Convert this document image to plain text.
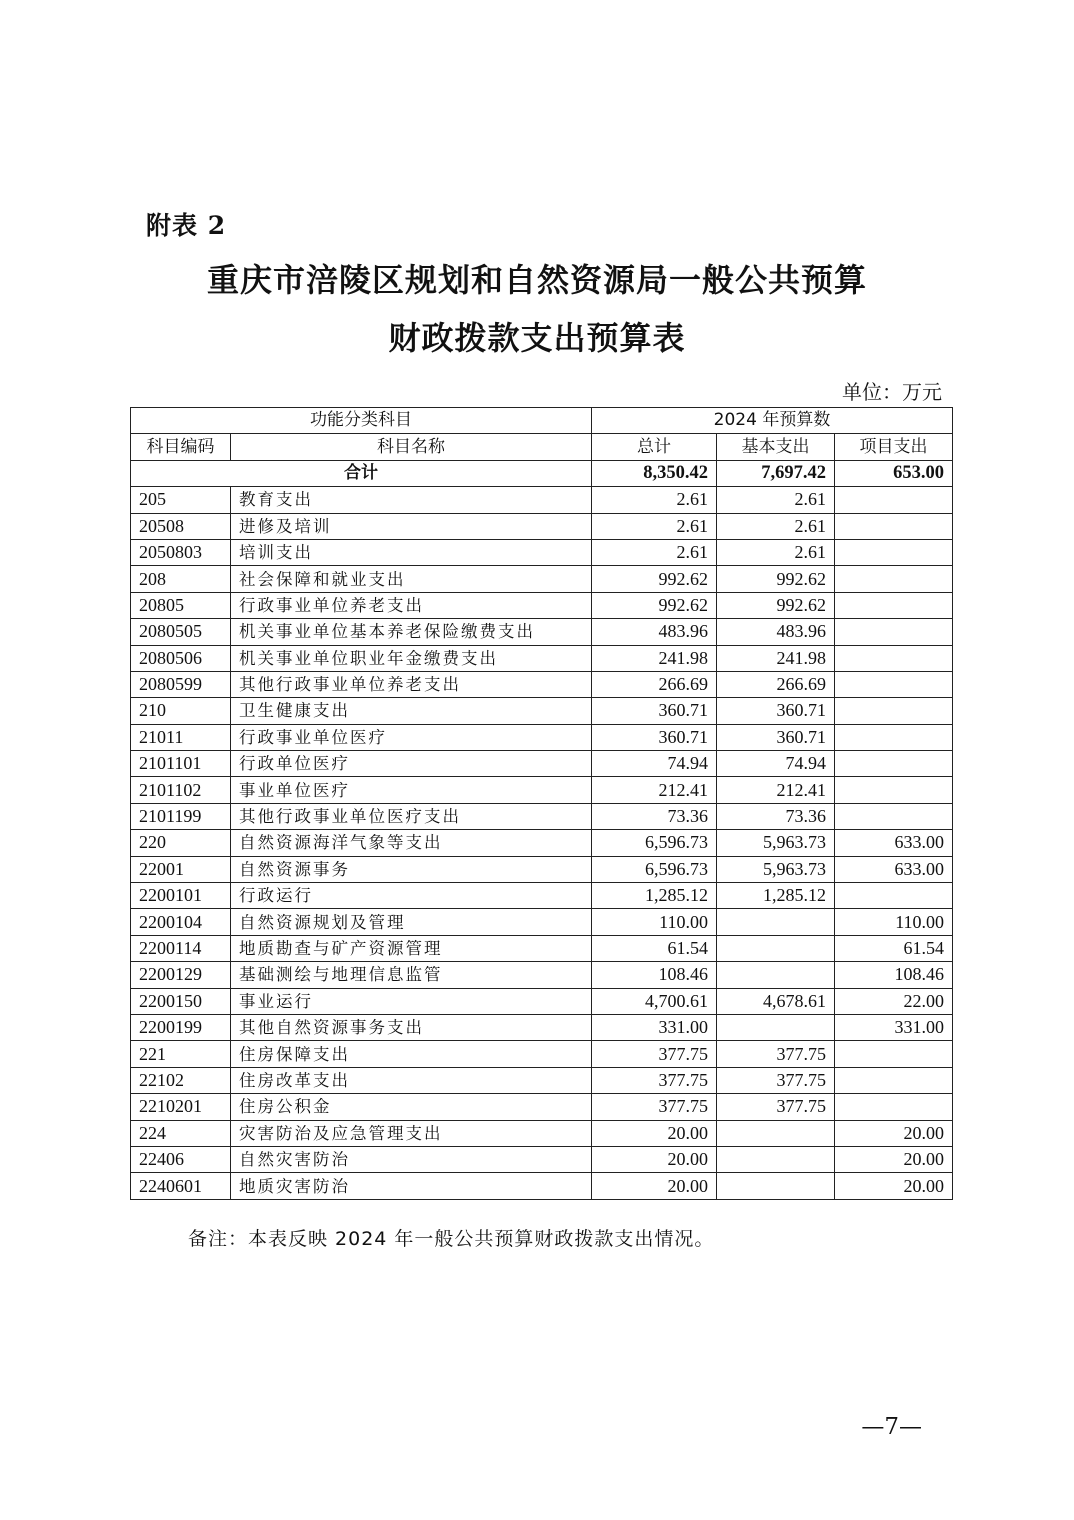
附表 2
重庆市涪陵区规划和自然资源局一般公共预算
财政拨款支出预算表
单位：万元
功能分类科目		2024 年预算数		
科目编码	科目名称	总计	基本支出	项目支出
合计		8,350.42	7,697.42	653.00
205	教育支出	2.61	2.61	
20508	进修及培训	2.61	2.61	
2050803	培训支出	2.61	2.61	
208	社会保障和就业支出	992.62	992.62	
20805	行政事业单位养老支出	992.62	992.62	
2080505	机关事业单位基本养老保险缴费支出	483.96	483.96	
2080506	机关事业单位职业年金缴费支出	241.98	241.98	
2080599	其他行政事业单位养老支出	266.69	266.69	
210	卫生健康支出	360.71	360.71	
21011	行政事业单位医疗	360.71	360.71	
2101101	行政单位医疗	74.94	74.94	
2101102	事业单位医疗	212.41	212.41	
2101199	其他行政事业单位医疗支出	73.36	73.36	
220	自然资源海洋气象等支出	6,596.73	5,963.73	633.00
22001	自然资源事务	6,596.73	5,963.73	633.00
2200101	行政运行	1,285.12	1,285.12	
2200104	自然资源规划及管理	110.00		110.00
2200114	地质勘查与矿产资源管理	61.54		61.54
2200129	基础测绘与地理信息监管	108.46		108.46
2200150	事业运行	4,700.61	4,678.61	22.00
2200199	其他自然资源事务支出	331.00		331.00
221	住房保障支出	377.75	377.75	
22102	住房改革支出	377.75	377.75	
2210201	住房公积金	377.75	377.75	
224	灾害防治及应急管理支出	20.00		20.00
22406	自然灾害防治	20.00		20.00
2240601	地质灾害防治	20.00		20.00
备注：本表反映 2024 年一般公共预算财政拨款支出情况。
—7—
